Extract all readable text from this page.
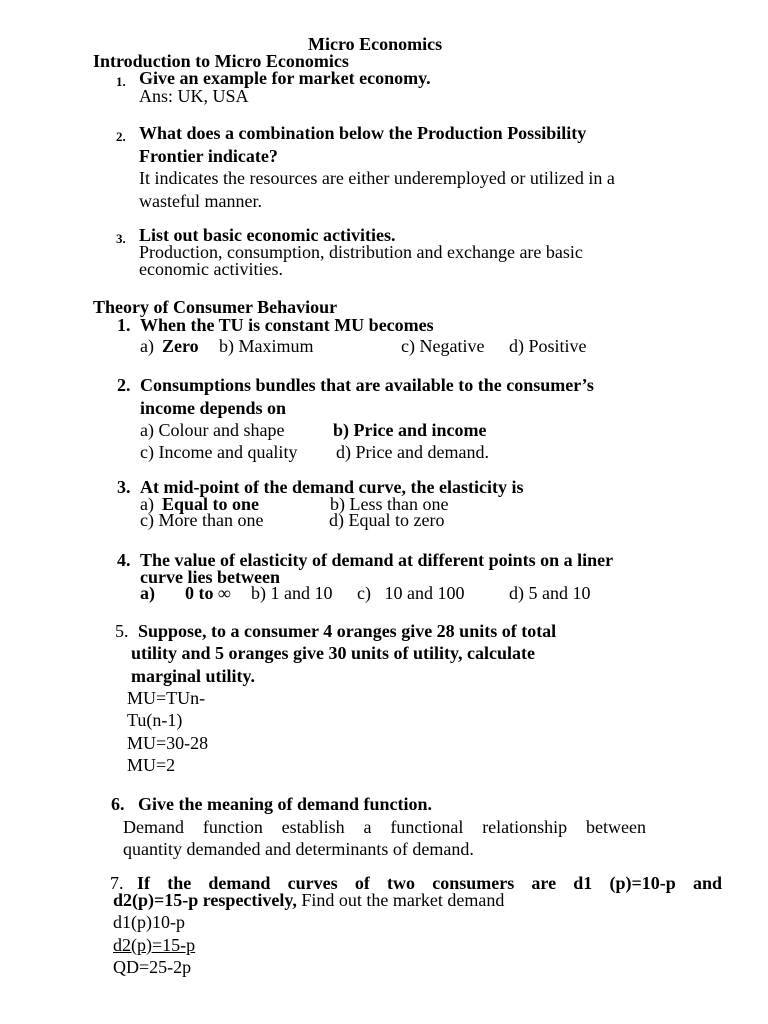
Micro Economics
Introduction to Micro Economics
1. Give an example for market economy.
Ans: UK, USA
2. What does a combination below the Production Possibility
Frontier indicate?
It indicates the resources are either underemployed or utilized in a
wasteful manner.
3. List out basic economic activities.
Production, consumption, distribution and exchange are basic
economic activities.
Theory of Consumer Behaviour
1. When the TU is constant MU becomes
a) Zero b) Maximum	c) Negative d) Positive
2. Consumptions bundles that are available to the consumer’s
income depends on
a) Colour and shape	b) Price and income
c) Income and quality d) Price and demand.
3. At mid-point of the demand curve, the elasticity is
a) Equal to one	b) Less than one
c) More than one	d) Equal to zero
4. The value of elasticity of demand at different points on a liner
curve lies between
a) 0 to ∞ b) 1 and 10 c)   10 and 100 d) 5 and 10
5. Suppose, to a consumer 4 oranges give 28 units of total
utility and 5 oranges give 30 units of utility, calculate
marginal utility.
MU=TUn-
Tu(n-1)
MU=30-28
MU=2
6. Give the meaning of demand function.
Demand function establish a functional relationship between
quantity demanded and determinants of demand.
7. If the demand curves of two consumers are d1 (p)=10-p and
d2(p)=15-p respectively, Find out the market demand
d1(p)10-p
d2(p)=15-p
QD=25-2p
